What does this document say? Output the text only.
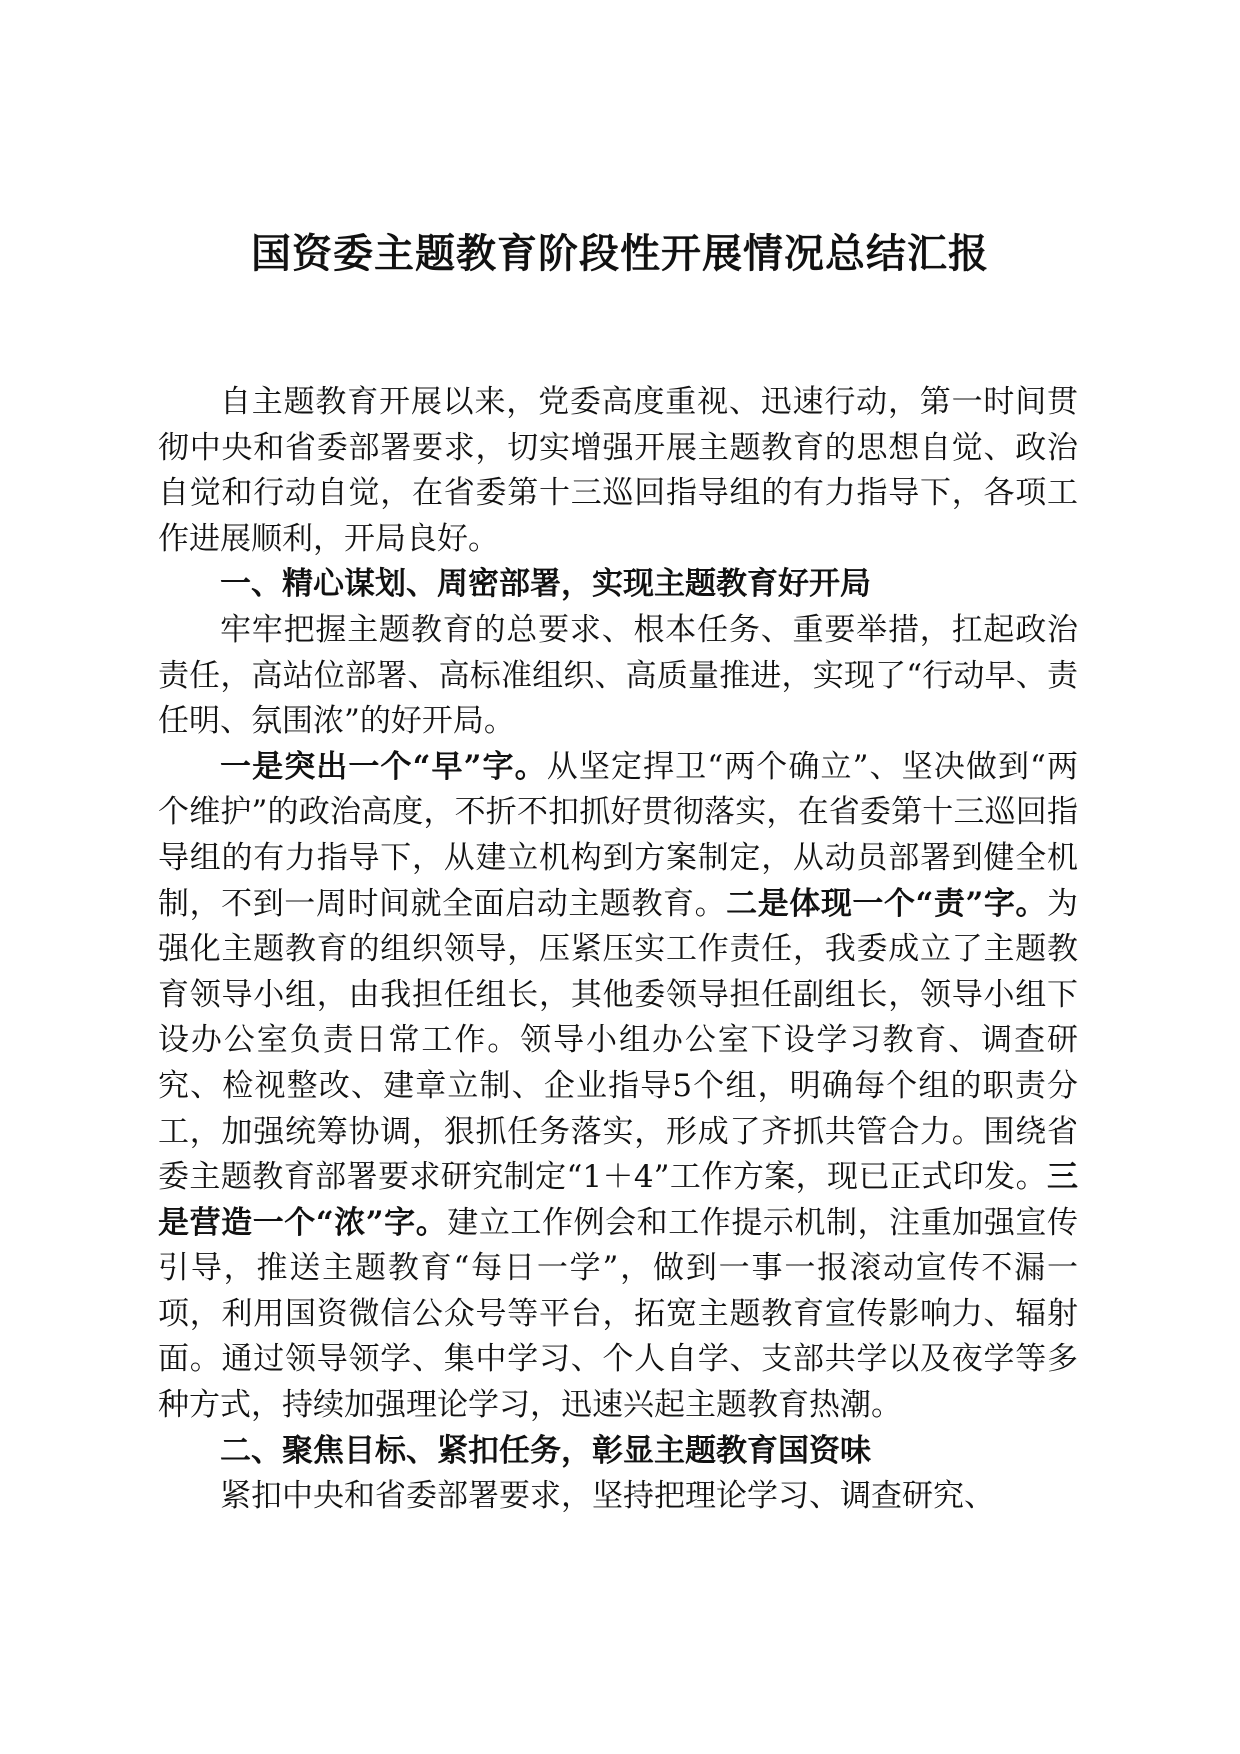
国资委主题教育阶段性开展情况总结汇报

自主题教育开展以来，党委高度重视、迅速行动，第一时间贯彻中央和省委部署要求，切实增强开展主题教育的思想自觉、政治自觉和行动自觉，在省委第十三巡回指导组的有力指导下，各项工作进展顺利，开局良好。

一、精心谋划、周密部署，实现主题教育好开局

牢牢把握主题教育的总要求、根本任务、重要举措，扛起政治责任，高站位部署、高标准组织、高质量推进，实现了“行动早、责任明、氛围浓”的好开局。

一是突出一个“早”字。从坚定捍卫“两个确立”、坚决做到“两个维护”的政治高度，不折不扣抓好贯彻落实，在省委第十三巡回指导组的有力指导下，从建立机构到方案制定，从动员部署到健全机制，不到一周时间就全面启动主题教育。二是体现一个“责”字。为强化主题教育的组织领导，压紧压实工作责任，我委成立了主题教育领导小组，由我担任组长，其他委领导担任副组长，领导小组下设办公室负责日常工作。领导小组办公室下设学习教育、调查研究、检视整改、建章立制、企业指导5个组，明确每个组的职责分工，加强统筹协调，狠抓任务落实，形成了齐抓共管合力。围绕省委主题教育部署要求研究制定“1＋4”工作方案，现已正式印发。三是营造一个“浓”字。建立工作例会和工作提示机制，注重加强宣传引导，推送主题教育“每日一学”，做到一事一报滚动宣传不漏一项，利用国资微信公众号等平台，拓宽主题教育宣传影响力、辐射面。通过领导领学、集中学习、个人自学、支部共学以及夜学等多种方式，持续加强理论学习，迅速兴起主题教育热潮。

二、聚焦目标、紧扣任务，彰显主题教育国资味

紧扣中央和省委部署要求，坚持把理论学习、调查研究、
